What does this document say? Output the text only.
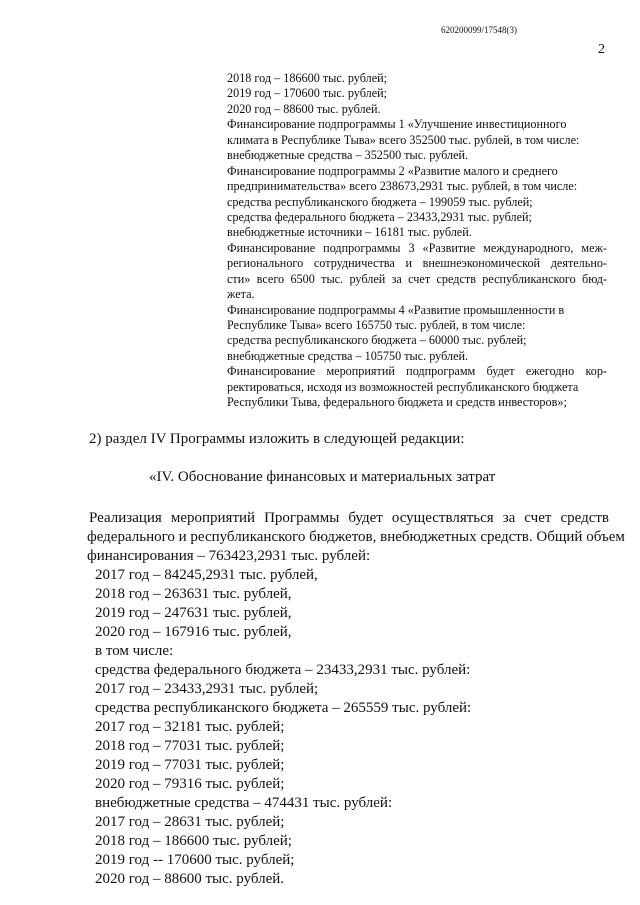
620200099/17548(3)
2
2018 год – 186600 тыс. рублей;
2019 год – 170600 тыс. рублей;
2020 год – 88600 тыс. рублей.
Финансирование подпрограммы 1 «Улучшение инвестиционного
климата в Республике Тыва» всего 352500 тыс. рублей, в том числе:
внебюджетные средства – 352500 тыс. рублей.
Финансирование подпрограммы 2 «Развитие малого и среднего
предпринимательства» всего 238673,2931 тыс. рублей, в том числе:
средства республиканского бюджета – 199059 тыс. рублей;
средства федерального бюджета – 23433,2931 тыс. рублей;
внебюджетные источники – 16181 тыс. рублей.
Финансирование подпрограммы 3 «Развитие международного, меж-
регионального сотрудничества и внешнеэкономической деятельно-
сти» всего 6500 тыс. рублей за счет средств республиканского бюд-
жета.
Финансирование подпрограммы 4 «Развитие промышленности в
Республике Тыва» всего 165750 тыс. рублей, в том числе:
средства республиканского бюджета – 60000 тыс. рублей;
внебюджетные средства – 105750 тыс. рублей.
Финансирование мероприятий подпрограмм будет ежегодно кор-
ректироваться, исходя из возможностей республиканского бюджета
Республики Тыва, федерального бюджета и средств инвесторов»;
2) раздел IV Программы изложить в следующей редакции:
«IV. Обоснование финансовых и материальных затрат
Реализация мероприятий Программы будет осуществляться за счет средств
федерального и республиканского бюджетов, внебюджетных средств. Общий объем
финансирования – 763423,2931 тыс. рублей:
2017 год – 84245,2931 тыс. рублей,
2018 год – 263631 тыс. рублей,
2019 год – 247631 тыс. рублей,
2020 год – 167916 тыс. рублей,
в том числе:
средства федерального бюджета – 23433,2931 тыс. рублей:
2017 год – 23433,2931 тыс. рублей;
средства республиканского бюджета – 265559 тыс. рублей:
2017 год – 32181 тыс. рублей;
2018 год – 77031 тыс. рублей;
2019 год – 77031 тыс. рублей;
2020 год – 79316 тыс. рублей;
внебюджетные средства – 474431 тыс. рублей:
2017 год – 28631 тыс. рублей;
2018 год – 186600 тыс. рублей;
2019 год -- 170600 тыс. рублей;
2020 год – 88600 тыс. рублей.
